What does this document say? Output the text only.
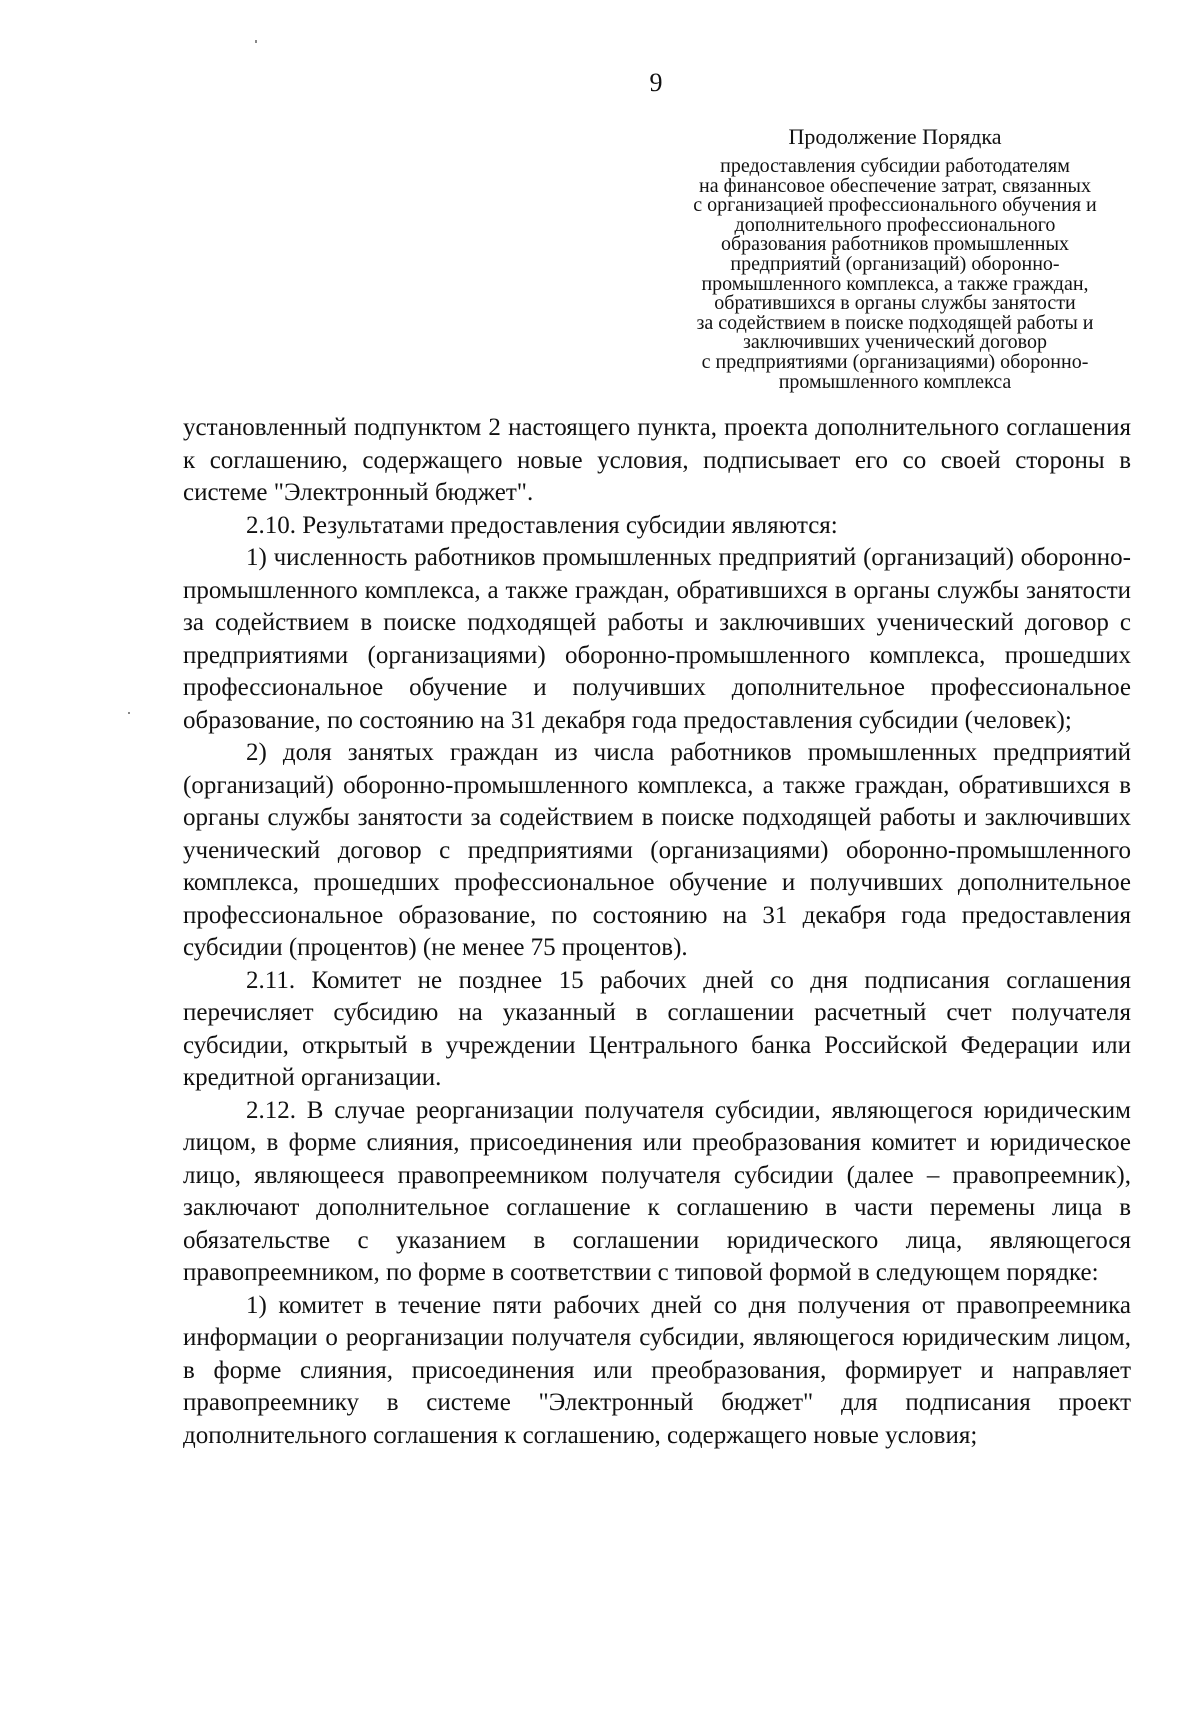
9
Продолжение Порядка
предоставления субсидии работодателям
на финансовое обеспечение затрат, связанных
с организацией профессионального обучения и
дополнительного профессионального
образования работников промышленных
предприятий (организаций) оборонно-
промышленного комплекса, а также граждан,
обратившихся в органы службы занятости
за содействием в поиске подходящей работы и
заключивших ученический договор
с предприятиями (организациями) оборонно-
промышленного комплекса

установленный подпунктом 2 настоящего пункта, проекта дополнительного соглашения к соглашению, содержащего новые условия, подписывает его со своей стороны в системе "Электронный бюджет".

2.10. Результатами предоставления субсидии являются:

1) численность работников промышленных предприятий (организаций) оборонно-промышленного комплекса, а также граждан, обратившихся в органы службы занятости за содействием в поиске подходящей работы и заключивших ученический договор с предприятиями (организациями) оборонно-промышленного комплекса, прошедших профессиональное обучение и получивших дополнительное профессиональное образование, по состоянию на 31 декабря года предоставления субсидии (человек);

2) доля занятых граждан из числа работников промышленных предприятий (организаций) оборонно-промышленного комплекса, а также граждан, обратившихся в органы службы занятости за содействием в поиске подходящей работы и заключивших ученический договор с предприятиями (организациями) оборонно-промышленного комплекса, прошедших профессиональное обучение и получивших дополнительное профессиональное образование, по состоянию на 31 декабря года предоставления субсидии (процентов) (не менее 75 процентов).

2.11. Комитет не позднее 15 рабочих дней со дня подписания соглашения перечисляет субсидию на указанный в соглашении расчетный счет получателя субсидии, открытый в учреждении Центрального банка Российской Федерации или кредитной организации.

2.12. В случае реорганизации получателя субсидии, являющегося юридическим лицом, в форме слияния, присоединения или преобразования комитет и юридическое лицо, являющееся правопреемником получателя субсидии (далее – правопреемник), заключают дополнительное соглашение к соглашению в части перемены лица в обязательстве с указанием в соглашении юридического лица, являющегося правопреемником, по форме в соответствии с типовой формой в следующем порядке:

1) комитет в течение пяти рабочих дней со дня получения от правопреемника информации о реорганизации получателя субсидии, являющегося юридическим лицом, в форме слияния, присоединения или преобразования, формирует и направляет правопреемнику в системе "Электронный бюджет" для подписания проект дополнительного соглашения к соглашению, содержащего новые условия;
